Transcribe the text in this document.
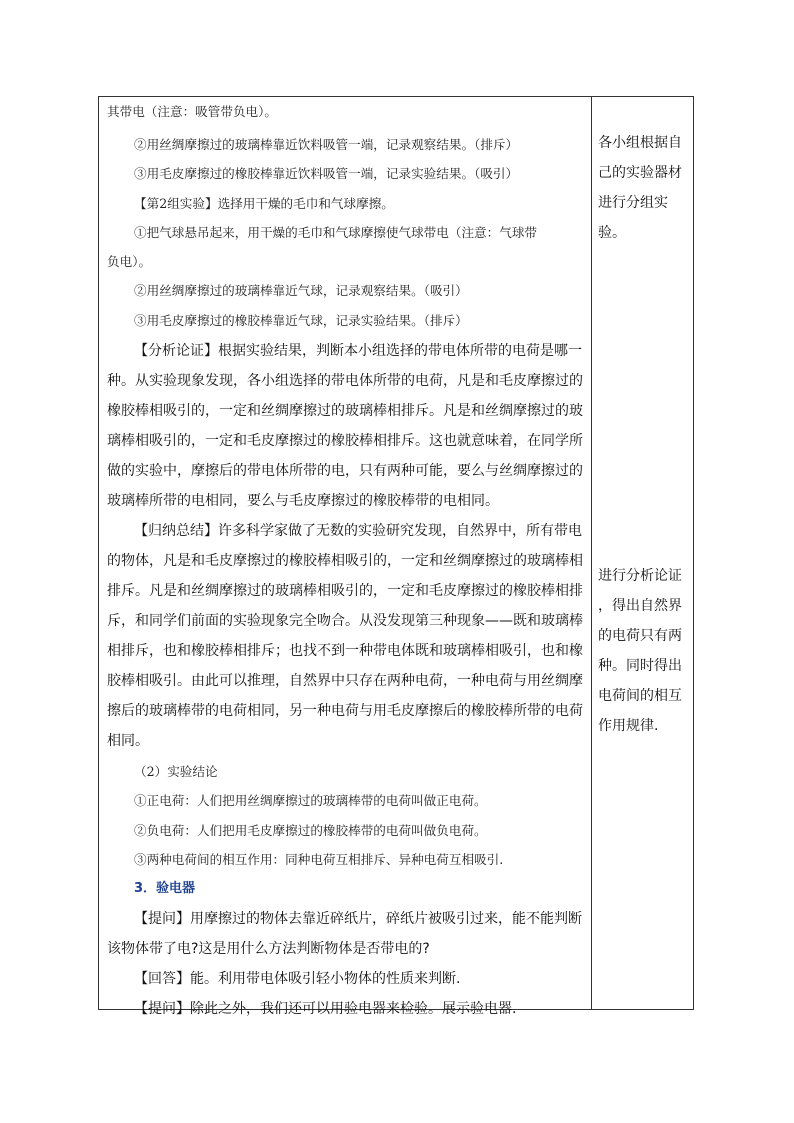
其带电（注意：吸管带负电）。
②用丝绸摩擦过的玻璃棒靠近饮料吸管一端，记录观察结果。（排斥）
③用毛皮摩擦过的橡胶棒靠近饮料吸管一端，记录实验结果。（吸引）
【第2组实验】选择用干燥的毛巾和气球摩擦。
①把气球悬吊起来，用干燥的毛巾和气球摩擦使气球带电（注意：气球带
负电）。
②用丝绸摩擦过的玻璃棒靠近气球，记录观察结果。（吸引）
③用毛皮摩擦过的橡胶棒靠近气球，记录实验结果。（排斥）
【分析论证】根据实验结果，判断本小组选择的带电体所带的电荷是哪一
种。从实验现象发现，各小组选择的带电体所带的电荷，凡是和毛皮摩擦过的
橡胶棒相吸引的，一定和丝绸摩擦过的玻璃棒相排斥。凡是和丝绸摩擦过的玻
璃棒相吸引的，一定和毛皮摩擦过的橡胶棒相排斥。这也就意味着，在同学所
做的实验中，摩擦后的带电体所带的电，只有两种可能，要么与丝绸摩擦过的
玻璃棒所带的电相同，要么与毛皮摩擦过的橡胶棒带的电相同。
【归纳总结】许多科学家做了无数的实验研究发现，自然界中，所有带电
的物体，凡是和毛皮摩擦过的橡胶棒相吸引的，一定和丝绸摩擦过的玻璃棒相
排斥。凡是和丝绸摩擦过的玻璃棒相吸引的，一定和毛皮摩擦过的橡胶棒相排
斥，和同学们前面的实验现象完全吻合。从没发现第三种现象——既和玻璃棒
相排斥，也和橡胶棒相排斥；也找不到一种带电体既和玻璃棒相吸引，也和橡
胶棒相吸引。由此可以推理，自然界中只存在两种电荷，一种电荷与用丝绸摩
擦后的玻璃棒带的电荷相同，另一种电荷与用毛皮摩擦后的橡胶棒所带的电荷
相同。
（2）实验结论
①正电荷：人们把用丝绸摩擦过的玻璃棒带的电荷叫做正电荷。
②负电荷：人们把用毛皮摩擦过的橡胶棒带的电荷叫做负电荷。
③两种电荷间的相互作用：同种电荷互相排斥、异种电荷互相吸引.
3．验电器
【提问】用摩擦过的物体去靠近碎纸片，碎纸片被吸引过来，能不能判断
该物体带了电?这是用什么方法判断物体是否带电的?
【回答】能。利用带电体吸引轻小物体的性质来判断.
【提问】除此之外，我们还可以用验电器来检验。展示验电器.
各小组根据自
己的实验器材
进行分组实
验。
进行分析论证
，得出自然界
的电荷只有两
种。同时得出
电荷间的相互
作用规律.
